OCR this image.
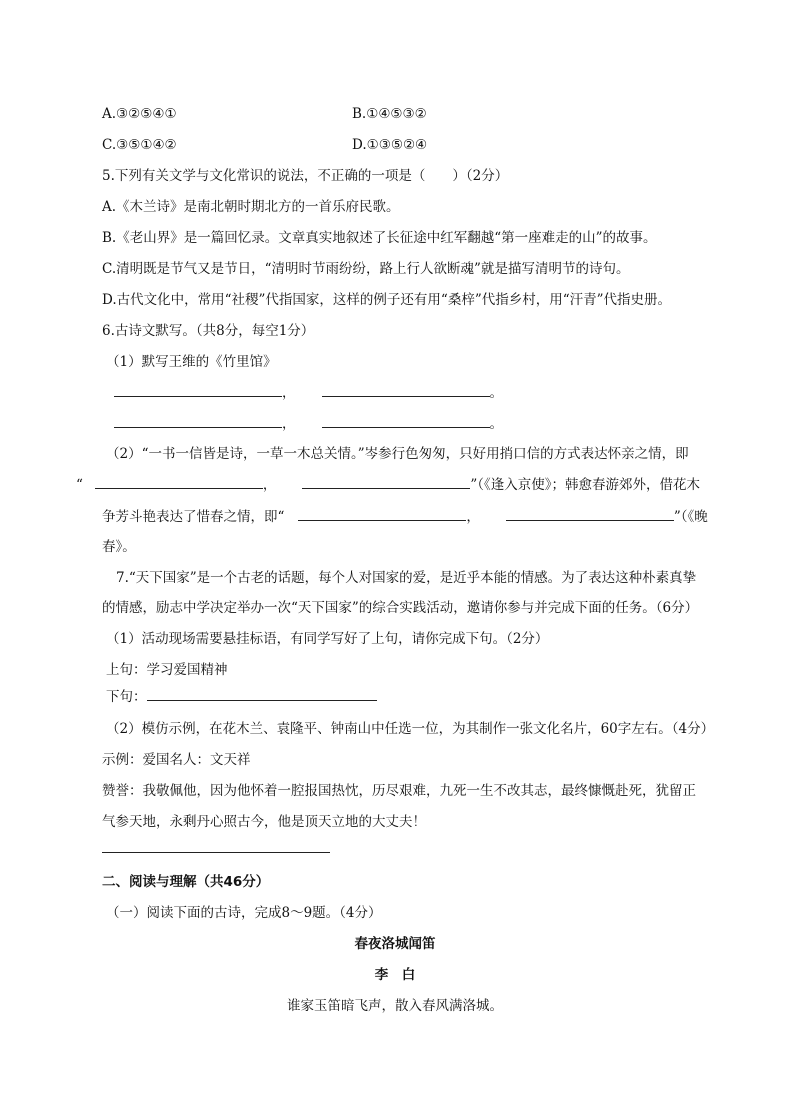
A.③②⑤④①	B.①④⑤③②
C.③⑤①④②	D.①③⑤②④
5.下列有关文学与文化常识的说法，不正确的一项是（　　）（2分）
A.《木兰诗》是南北朝时期北方的一首乐府民歌。
B.《老山界》是一篇回忆录。文章真实地叙述了长征途中红军翻越“第一座难走的山”的故事。
C.清明既是节气又是节日，“清明时节雨纷纷，路上行人欲断魂”就是描写清明节的诗句。
D.古代文化中，常用“社稷”代指国家，这样的例子还有用“桑梓”代指乡村，用“汗青”代指史册。
6.古诗文默写。（共8分，每空1分）
（1）默写王维的《竹里馆》
，	。
，	。
（2）“一书一信皆是诗，一草一木总关情。”岑参行色匆匆，只好用捎口信的方式表达怀亲之情，即
“	，	”（《逢入京使》；韩愈春游郊外，借花木
争芳斗艳表达了惜春之情，即“	，	”（《晚
春》。
7.“天下国家”是一个古老的话题，每个人对国家的爱，是近乎本能的情感。为了表达这种朴素真挚
的情感，励志中学决定举办一次“天下国家”的综合实践活动，邀请你参与并完成下面的任务。（6分）
（1）活动现场需要悬挂标语，有同学写好了上句，请你完成下句。（2分）
上句：学习爱国精神
下句：
（2）模仿示例，在花木兰、袁隆平、钟南山中任选一位，为其制作一张文化名片，60字左右。（4分）
示例：爱国名人：文天祥
赞誉：我敬佩他，因为他怀着一腔报国热忱，历尽艰难，九死一生不改其志，最终慷慨赴死，犹留正
气参天地，永剩丹心照古今，他是顶天立地的大丈夫！
二、阅读与理解（共46分）
（一）阅读下面的古诗，完成8～9题。（4分）
春夜洛城闻笛
李　白
谁家玉笛暗飞声，散入春风满洛城。
